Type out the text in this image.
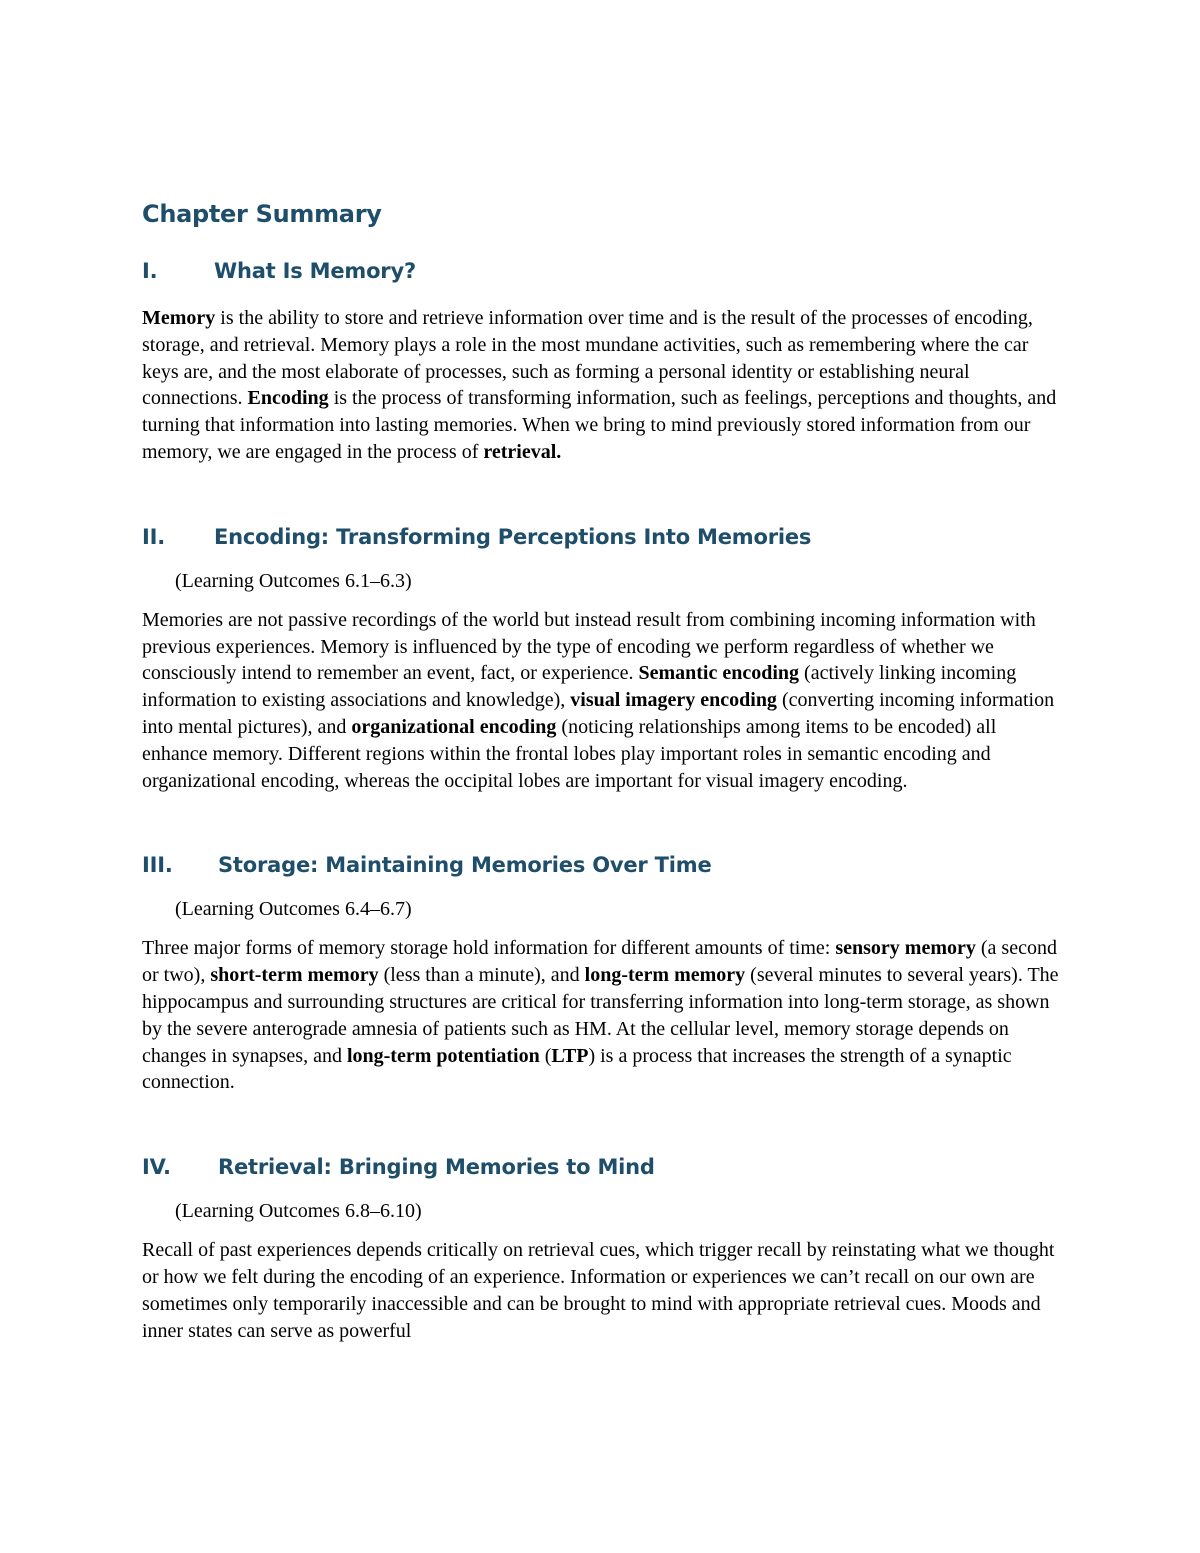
Chapter Summary
I.	What Is Memory?

Memory is the ability to store and retrieve information over time and is the result of the processes of encoding, storage, and retrieval. Memory plays a role in the most mundane activities, such as remembering where the car keys are, and the most elaborate of processes, such as forming a personal identity or establishing neural connections. Encoding is the process of transforming information, such as feelings, perceptions and thoughts, and turning that information into lasting memories. When we bring to mind previously stored information from our memory, we are engaged in the process of retrieval.

II.	Encoding: Transforming Perceptions Into Memories

(Learning Outcomes 6.1–6.3)

Memories are not passive recordings of the world but instead result from combining incoming information with previous experiences. Memory is influenced by the type of encoding we perform regardless of whether we consciously intend to remember an event, fact, or experience. Semantic encoding (actively linking incoming information to existing associations and knowledge), visual imagery encoding (converting incoming information into mental pictures), and organizational encoding (noticing relationships among items to be encoded) all enhance memory. Different regions within the frontal lobes play important roles in semantic encoding and organizational encoding, whereas the occipital lobes are important for visual imagery encoding.

III.	Storage: Maintaining Memories Over Time

(Learning Outcomes 6.4–6.7)

Three major forms of memory storage hold information for different amounts of time: sensory memory (a second or two), short-term memory (less than a minute), and long-term memory (several minutes to several years). The hippocampus and surrounding structures are critical for transferring information into long-term storage, as shown by the severe anterograde amnesia of patients such as HM. At the cellular level, memory storage depends on changes in synapses, and long-term potentiation (LTP) is a process that increases the strength of a synaptic connection.

IV.	Retrieval: Bringing Memories to Mind

(Learning Outcomes 6.8–6.10)

Recall of past experiences depends critically on retrieval cues, which trigger recall by reinstating what we thought or how we felt during the encoding of an experience. Information or experiences we can’t recall on our own are sometimes only temporarily inaccessible and can be brought to mind with appropriate retrieval cues. Moods and inner states can serve as powerful
